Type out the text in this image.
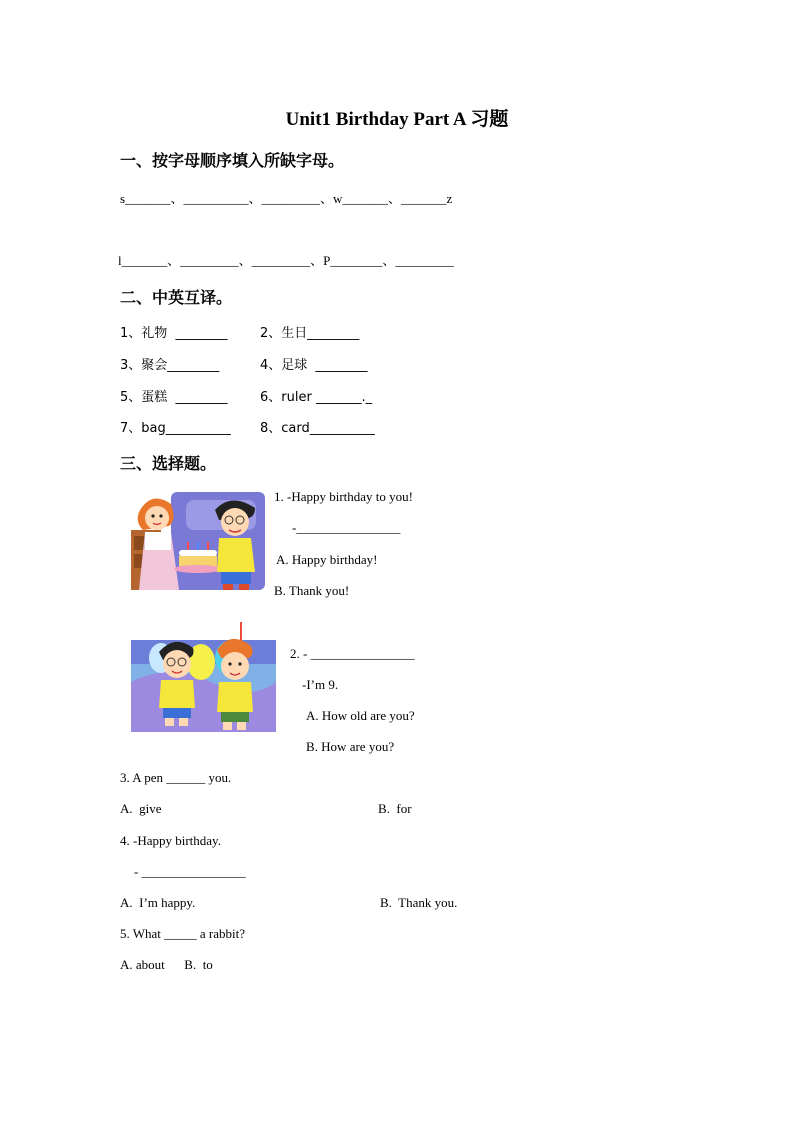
Unit1 Birthday Part A 习题
一、按字母顺序填入所缺字母。
s_______、__________、_________、w_______、_______z
l_______、_________、_________、P________、_________
二、中英互译。
1、礼物  ________ 2、生日________
3、聚会________	4、足球  ________
5、蛋糕  ________ 6、ruler _______._
7、bag__________ 8、card__________
三、选择题。
1. -Happy birthday to you!
-________________
A. Happy birthday!
B. Thank you!
2. - ________________
-I’m 9.
A. How old are you?
B. How are you?
3. A pen ______ you.
A.  give	B.  for
4. -Happy birthday.
- ________________
A.  I’m happy.	B.  Thank you.
5. What _____ a rabbit?
A. about      B.  to
